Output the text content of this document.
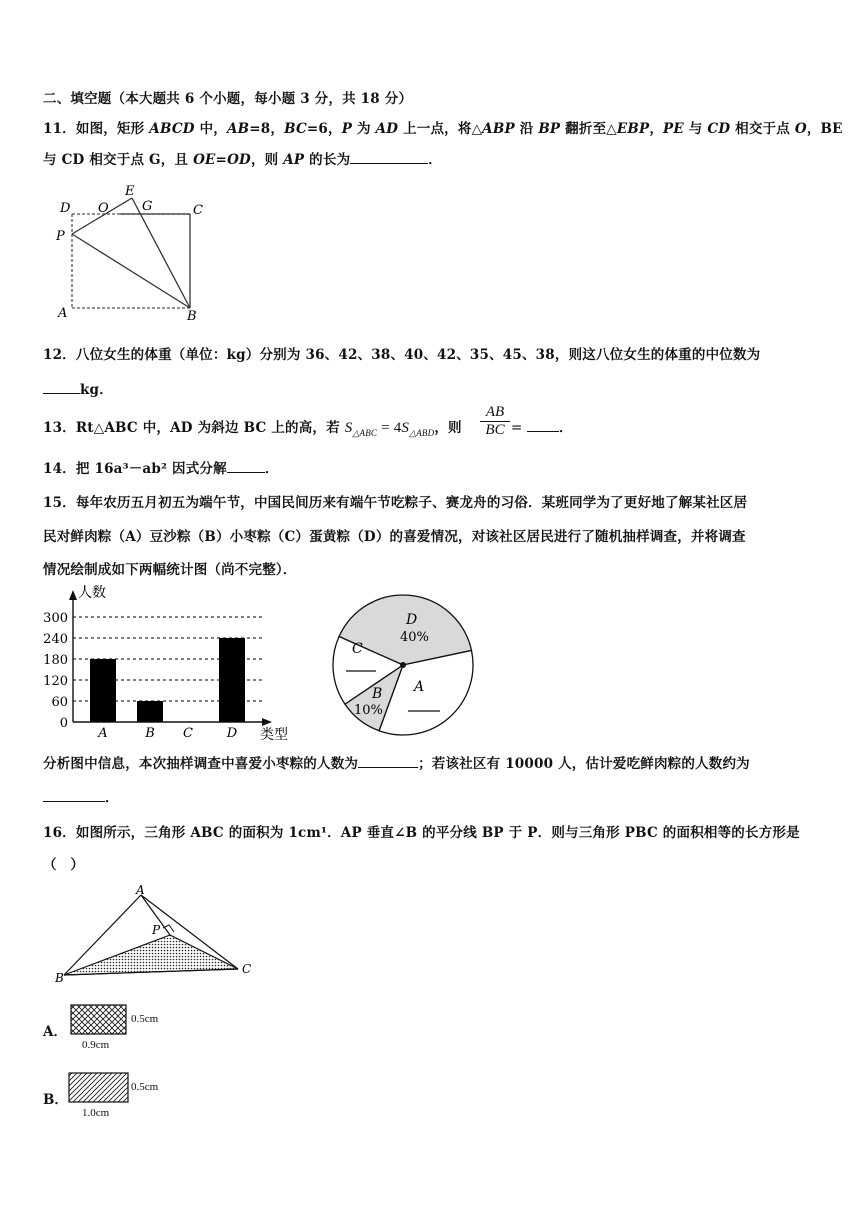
二、填空题（本大题共 6 个小题，每小题 3 分，共 18 分）
11．如图，矩形 ABCD 中，AB=8，BC=6，P 为 AD 上一点，将△ABP 沿 BP 翻折至△EBP，PE 与 CD 相交于点 O，BE
与 CD 相交于点 G，且 OE=OD，则 AP 的长为	．
D O
E
G	C
P
A	B
12．八位女生的体重（单位：kg）分别为 36、42、38、40、42、35、45、38，则这八位女生的体重的中位数为
kg．
13．Rt△ABC 中，AD 为斜边 BC 上的高，若 $S_{\triangle ABC} = 4S_{\triangle ABD}$，则 $\frac{AB}{BC}$ = ．
14．把 16a³－ab² 因式分解	．
15．每年农历五月初五为端午节，中国民间历来有端午节吃粽子、赛龙舟的习俗．某班同学为了更好地了解某社区居
民对鲜肉粽（A）豆沙粽（B）小枣粽（C）蛋黄粽（D）的喜爱情况，对该社区居民进行了随机抽样调查，并将调查
情况绘制成如下两幅统计图（尚不完整）．
0
60
120
180
240
300
A	B C	D
人数
类型
D
40%
A
B
10%
C
分析图中信息，本次抽样调查中喜爱小枣粽的人数为	；若该社区有 10000 人，估计爱吃鲜肉粽的人数约为
．
16．如图所示，三角形 ABC 的面积为 1cm¹．AP 垂直∠B 的平分线 BP 于 P．则与三角形 PBC 的面积相等的长方形是
（　）
A
P
B
C
A．
0.5cm
0.9cm
B．
0.5cm
1.0cm
